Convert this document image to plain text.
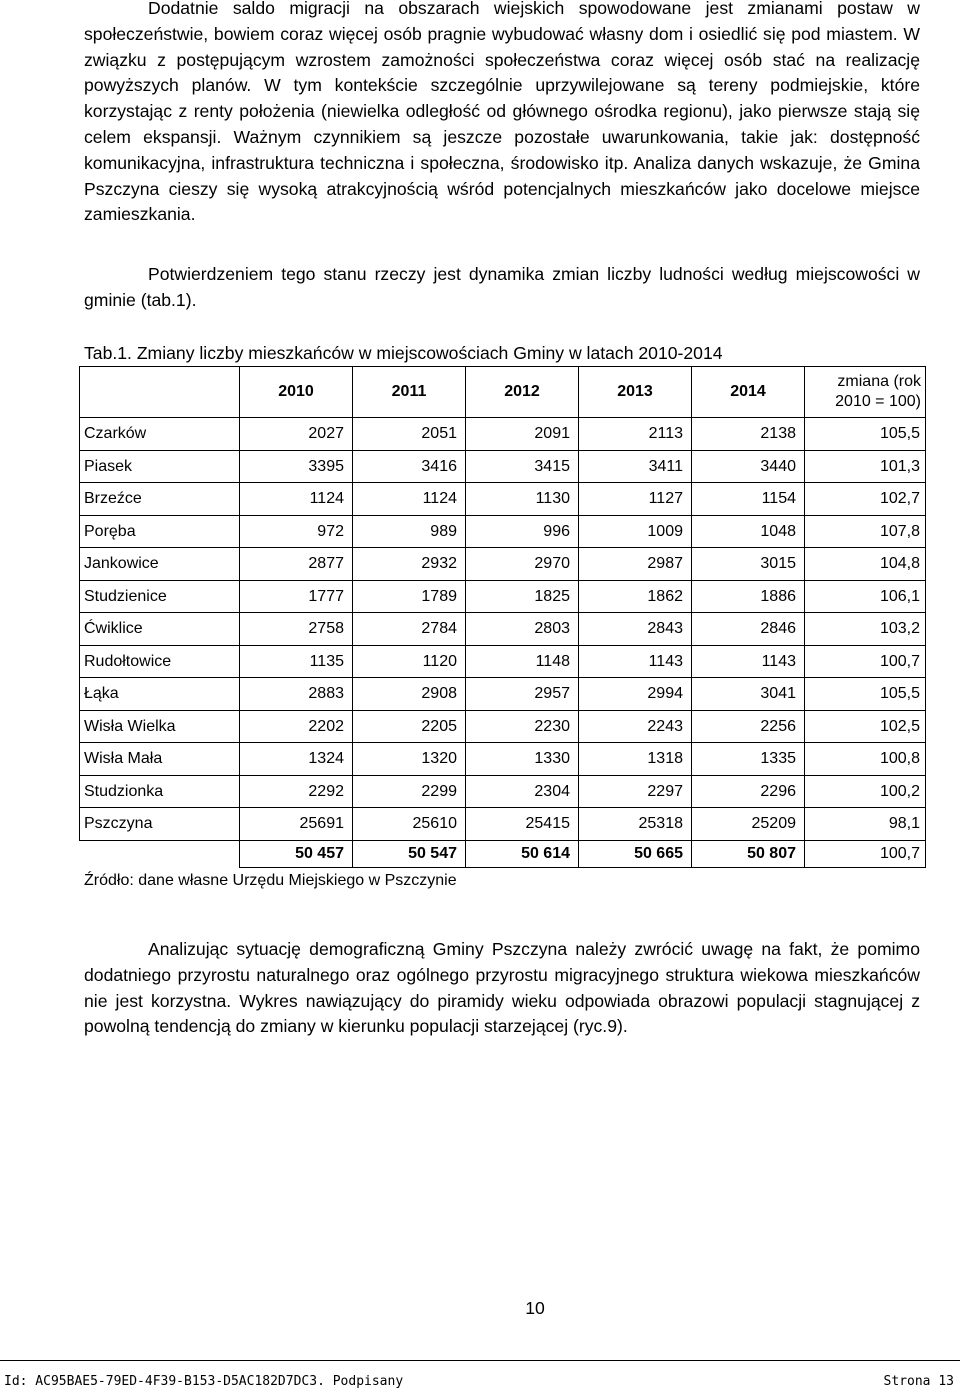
Dodatnie saldo migracji na obszarach wiejskich spowodowane jest zmianami postaw w społeczeństwie, bowiem coraz więcej osób pragnie wybudować własny dom i osiedlić się pod miastem. W związku z postępującym wzrostem zamożności społeczeństwa coraz więcej osób stać na realizację powyższych planów. W tym kontekście szczególnie uprzywilejowane są tereny podmiejskie, które korzystając z renty położenia (niewielka odległość od głównego ośrodka regionu), jako pierwsze stają się celem ekspansji. Ważnym czynnikiem są jeszcze pozostałe uwarunkowania, takie jak: dostępność komunikacyjna, infrastruktura techniczna i społeczna, środowisko itp. Analiza danych wskazuje, że Gmina Pszczyna cieszy się wysoką atrakcyjnością wśród potencjalnych mieszkańców jako docelowe miejsce zamieszkania.

Potwierdzeniem tego stanu rzeczy jest dynamika zmian liczby ludności według miejscowości w gminie (tab.1).

Tab.1. Zmiany liczby mieszkańców w miejscowościach Gminy w latach 2010-2014
	2010	2011	2012	2013	2014	zmiana (rok 2010 = 100)
Czarków	2027	2051	2091	2113	2138	105,5
Piasek	3395	3416	3415	3411	3440	101,3
Brzeźce	1124	1124	1130	1127	1154	102,7
Poręba	972	989	996	1009	1048	107,8
Jankowice	2877	2932	2970	2987	3015	104,8
Studzienice	1777	1789	1825	1862	1886	106,1
Ćwiklice	2758	2784	2803	2843	2846	103,2
Rudołtowice	1135	1120	1148	1143	1143	100,7
Łąka	2883	2908	2957	2994	3041	105,5
Wisła Wielka	2202	2205	2230	2243	2256	102,5
Wisła Mała	1324	1320	1330	1318	1335	100,8
Studzionka	2292	2299	2304	2297	2296	100,2
Pszczyna	25691	25610	25415	25318	25209	98,1
	50 457	50 547	50 614	50 665	50 807	100,7
Źródło: dane własne Urzędu Miejskiego w Pszczynie

Analizując sytuację demograficzną Gminy Pszczyna należy zwrócić uwagę na fakt, że pomimo dodatniego przyrostu naturalnego oraz ogólnego przyrostu migracyjnego struktura wiekowa mieszkańców nie jest korzystna. Wykres nawiązujący do piramidy wieku odpowiada obrazowi populacji stagnującej z powolną tendencją do zmiany w kierunku populacji starzejącej (ryc.9).

10
Id: AC95BAE5-79ED-4F39-B153-D5AC182D7DC3. Podpisany	Strona 13
